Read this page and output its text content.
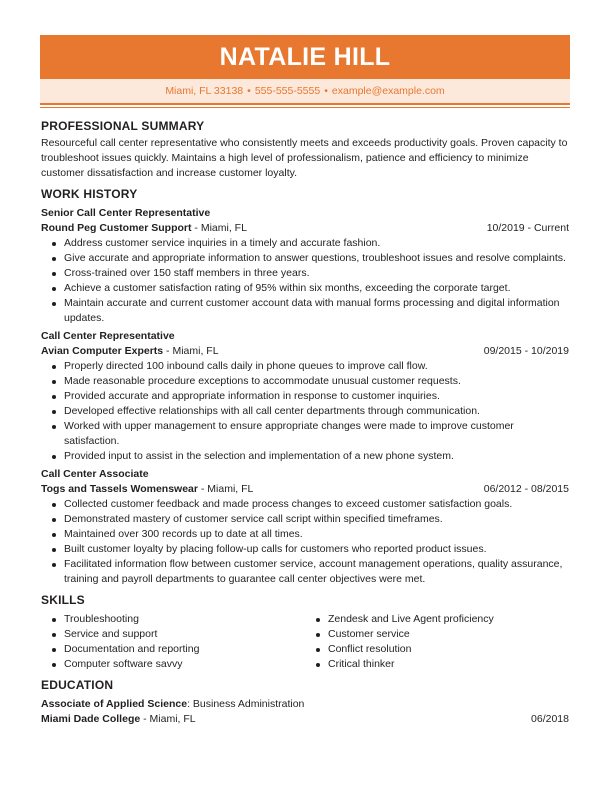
NATALIE HILL
Miami, FL 33138 • 555-555-5555 • example@example.com
PROFESSIONAL SUMMARY
Resourceful call center representative who consistently meets and exceeds productivity goals. Proven capacity to troubleshoot issues quickly. Maintains a high level of professionalism, patience and efficiency to minimize customer dissatisfaction and increase customer loyalty.
WORK HISTORY
Senior Call Center Representative
Round Peg Customer Support - Miami, FL	10/2019 - Current
Address customer service inquiries in a timely and accurate fashion.
Give accurate and appropriate information to answer questions, troubleshoot issues and resolve complaints.
Cross-trained over 150 staff members in three years.
Achieve a customer satisfaction rating of 95% within six months, exceeding the corporate target.
Maintain accurate and current customer account data with manual forms processing and digital information updates.
Call Center Representative
Avian Computer Experts - Miami, FL	09/2015 - 10/2019
Properly directed 100 inbound calls daily in phone queues to improve call flow.
Made reasonable procedure exceptions to accommodate unusual customer requests.
Provided accurate and appropriate information in response to customer inquiries.
Developed effective relationships with all call center departments through communication.
Worked with upper management to ensure appropriate changes were made to improve customer satisfaction.
Provided input to assist in the selection and implementation of a new phone system.
Call Center Associate
Togs and Tassels Womenswear - Miami, FL	06/2012 - 08/2015
Collected customer feedback and made process changes to exceed customer satisfaction goals.
Demonstrated mastery of customer service call script within specified timeframes.
Maintained over 300 records up to date at all times.
Built customer loyalty by placing follow-up calls for customers who reported product issues.
Facilitated information flow between customer service, account management operations, quality assurance, training and payroll departments to guarantee call center objectives were met.
SKILLS
Troubleshooting
Service and support
Documentation and reporting
Computer software savvy
Zendesk and Live Agent proficiency
Customer service
Conflict resolution
Critical thinker
EDUCATION
Associate of Applied Science: Business Administration
Miami Dade College - Miami, FL	06/2018
